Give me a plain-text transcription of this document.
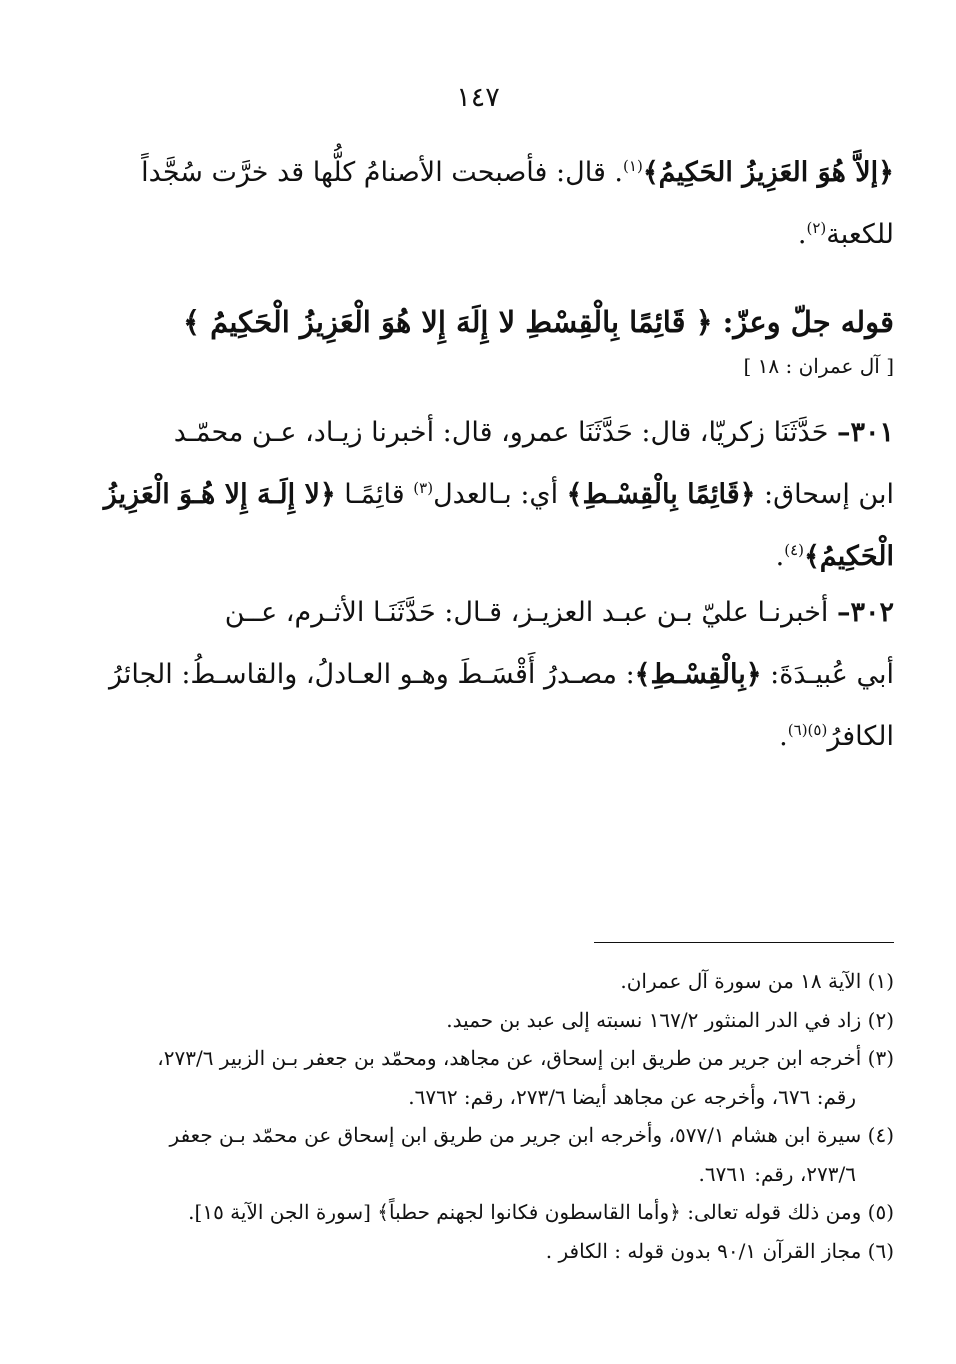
١٤٧
﴿إلاَّ هُوَ العَزِيزُ الحَكِيمُ﴾$^{(١)}$. قال: فأصبحت الأصنامُ كلُّها قد خرَّت سُجَّداً
للكعبة$^{(٢)}$.
قوله جلّ وعزّ: ﴿ قَائِمًا بِالْقِسْطِ لا إِلَهَ إِلا هُوَ الْعَزِيزُ الْحَكِيمُ ﴾
[ آل عمران : ١٨ ]
٣٠١– حَدَّثَنَا زكريّا، قال: حَدَّثَنَا عمرو، قال: أخبرنا زيـاد، عـن محمّـد
ابن إسحاق: ﴿قَائِمًا بِالْقِسْـطِ﴾ أي: بـالعدل$^{(٣)}$ قائِمًـا ﴿لا إِلَـهَ إِلا هُـوَ الْعَزِيزُ
الْحَكِيمُ﴾$^{(٤)}$.
٣٠٢– أخبرنـا عليّ بـن عبـد العزيـز، قـال: حَدَّثَنَـا الأثـرم، عــن
أبي عُبيـدَةَ: ﴿بِالْقِسْـطِ﴾: مصـدرُ أَقْسَـطَ وهـو العـادلُ، والقاسـطُ: الجائرُ
الكافرُ$^{(٥)(٦)}$.
(١) الآية ١٨ من سورة آل عمران.
(٢) زاد في الدر المنثور ١٦٧/٢ نسبته إلى عبد بن حميد.
(٣) أخرجه ابن جرير من طريق ابن إسحاق، عن مجاهد، ومحمّد بن جعفر بـن الزبير ٢٧٣/٦،
رقم: ٦٧٦، وأخرجه عن مجاهد أيضا ٢٧٣/٦، رقم: ٦٧٦٢.
(٤) سيرة ابن هشام ٥٧٧/١، وأخرجه ابن جرير من طريق ابن إسحاق عن محمّد بـن جعفر
٢٧٣/٦، رقم: ٦٧٦١.
(٥) ومن ذلك قوله تعالى: ﴿وأما القاسطون فكانوا لجهنم حطباً﴾ [سورة الجن الآية ١٥].
(٦) مجاز القرآن ٩٠/١ بدون قوله : الكافر .
